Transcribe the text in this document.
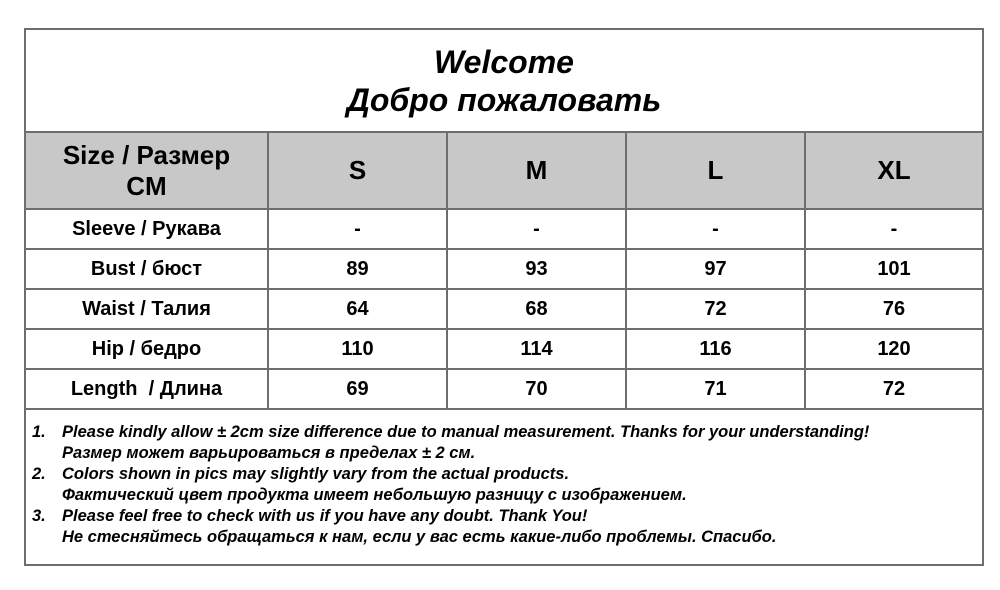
Welcome
Добро пожаловать
Size / Размер
CM	S	M	L	XL
Sleeve / Рукава	-	-	-	-
Bust / бюст	89	93	97	101
Waist / Талия	64	68	72	76
Hip / бедро	110	114	116	120
Length  / Длина	69	70	71	72
1. Please kindly allow ± 2cm size difference due to manual measurement. Thanks for your understanding!
Размер может варьироваться в пределах ± 2 см.
2. Colors shown in pics may slightly vary from the actual products.
Фактический цвет продукта имеет небольшую разницу с изображением.
3. Please feel free to check with us if you have any doubt. Thank You!
Не стесняйтесь обращаться к нам, если у вас есть какие-либо проблемы. Спасибо.
